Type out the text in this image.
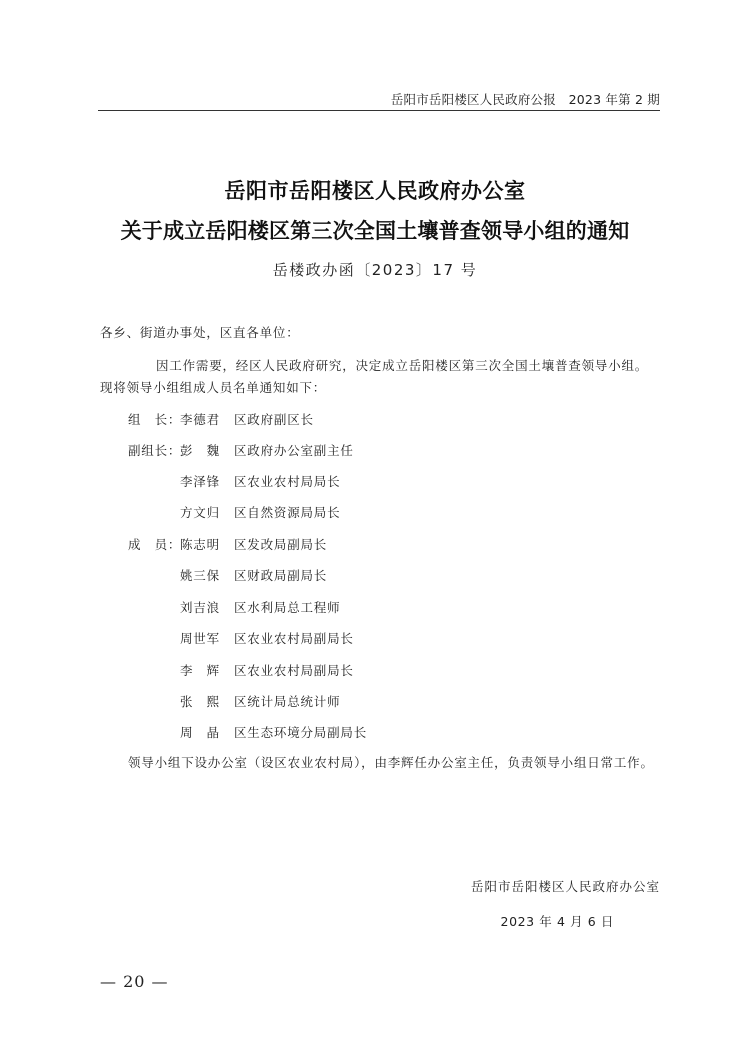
岳阳市岳阳楼区人民政府公报　2023 年第 2 期
岳阳市岳阳楼区人民政府办公室
关于成立岳阳楼区第三次全国土壤普查领导小组的通知
岳楼政办函〔2023〕17 号
各乡、街道办事处，区直各单位：
因工作需要，经区人民政府研究，决定成立岳阳楼区第三次全国土壤普查领导小组。现将领导小组组成人员名单通知如下：
组　长：
李德君	区政府副区长
副组长：
彭　魏	区政府办公室副主任
李泽锋	区农业农村局局长
方文归	区自然资源局局长
成　员：
陈志明	区发改局副局长
姚三保	区财政局副局长
刘吉浪	区水利局总工程师
周世军	区农业农村局副局长
李　辉	区农业农村局副局长
张　熙	区统计局总统计师
周　晶	区生态环境分局副局长
领导小组下设办公室（设区农业农村局），由李辉任办公室主任，负责领导小组日常工作。
岳阳市岳阳楼区人民政府办公室
2023 年 4 月 6 日
— 20 —
